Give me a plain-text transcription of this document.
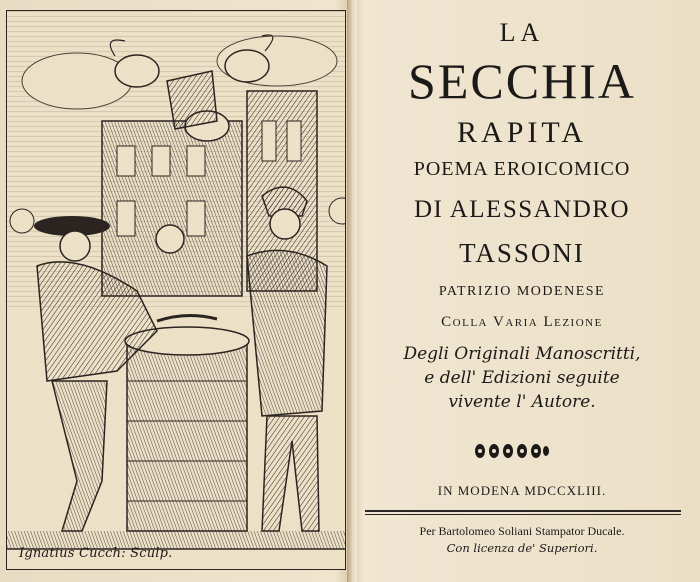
Ignatius Cucch: Sculp.
LA
SECCHIA
RAPITA
POEMA EROICOMICO
DI ALESSANDRO
TASSONI
PATRIZIO MODENESE
Colla Varia Lezione
Degli Originali Manoscritti,
e dell' Edizioni seguite
vivente l' Autore.
IN MODENA MDCCXLIII.
Per Bartolomeo Soliani Stampator Ducale.
Con licenza de' Superiori.
